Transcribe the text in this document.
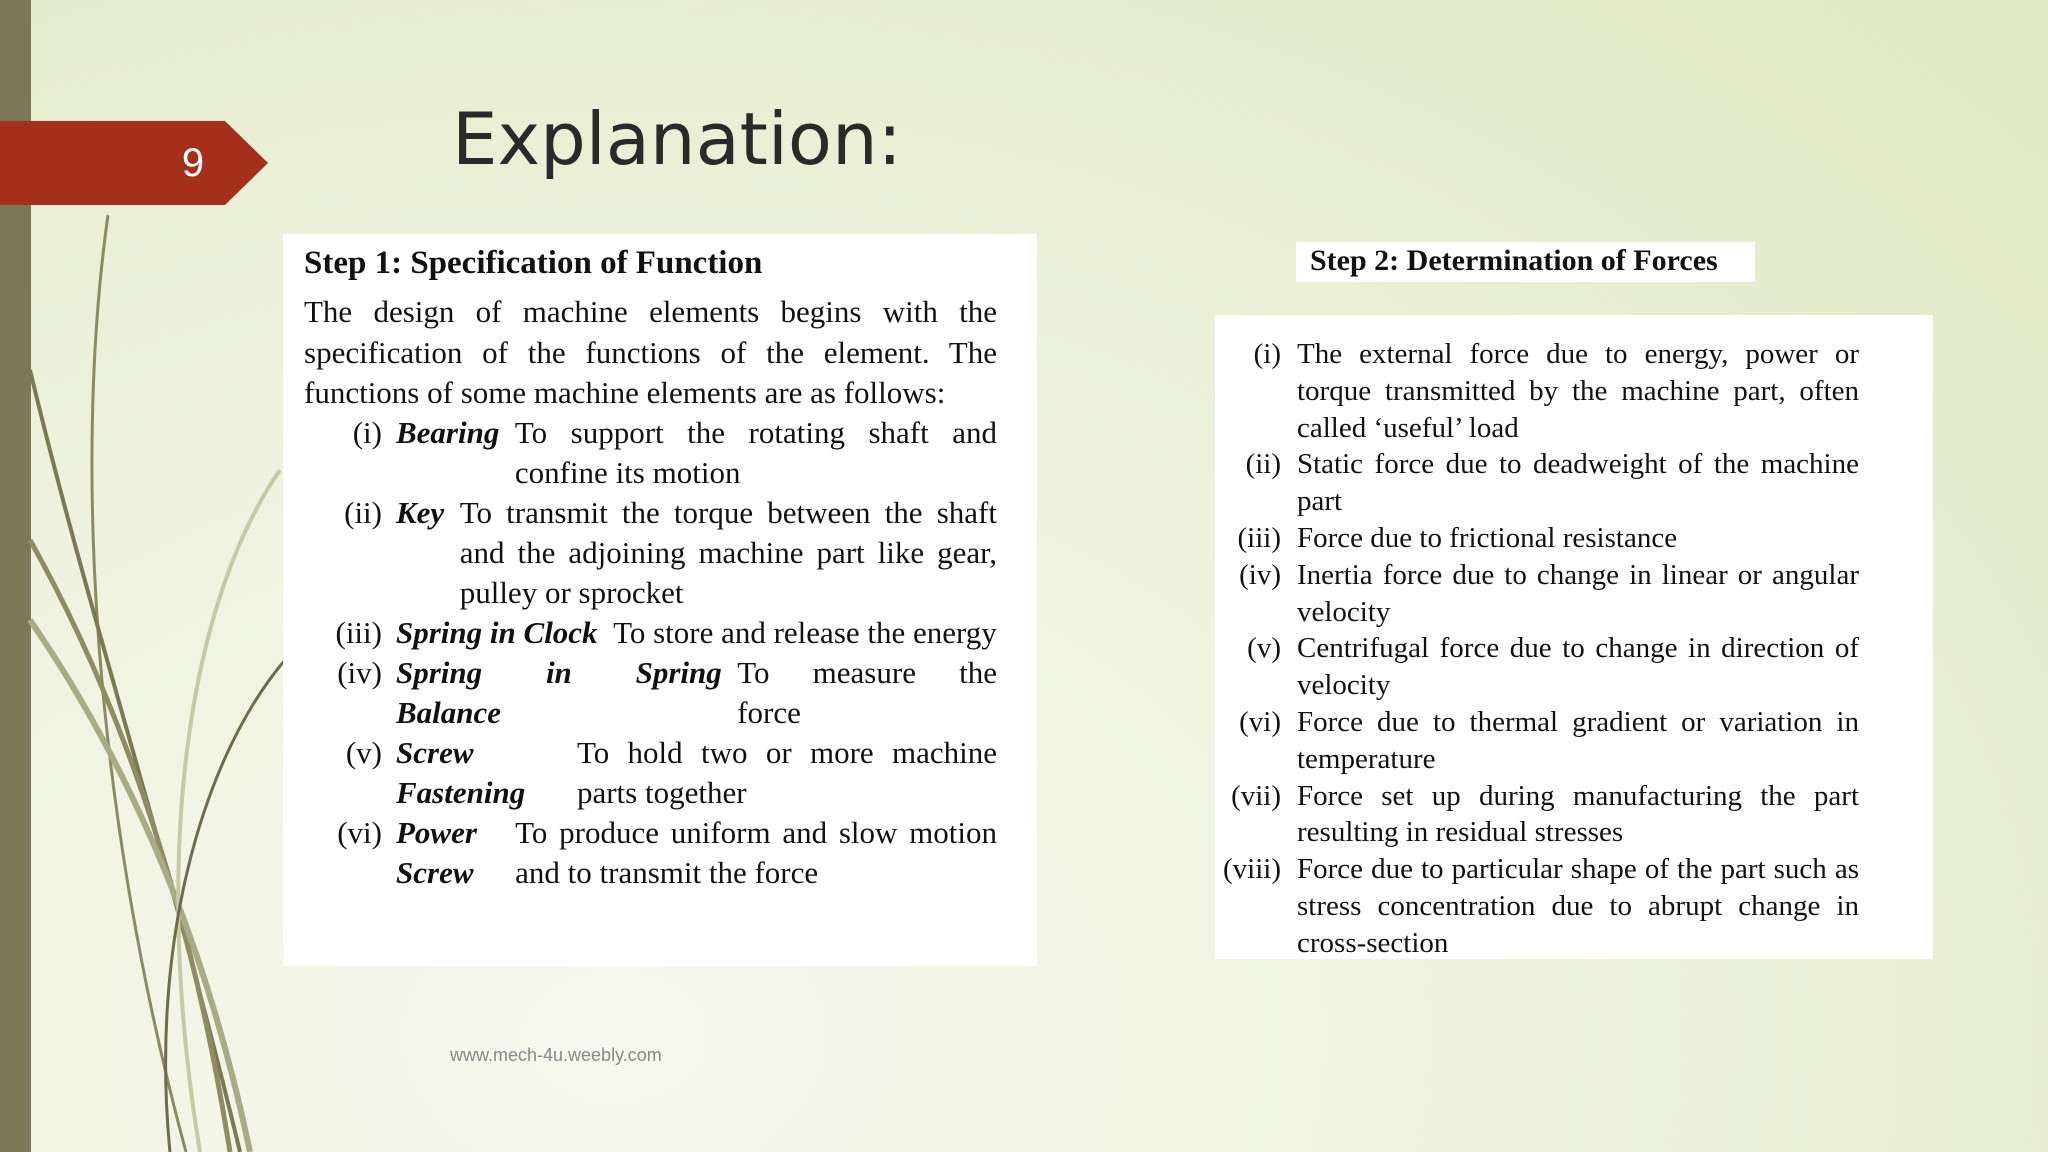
9	Explanation:

Step 1: Specification of Function

The design of machine elements begins with the specification of the functions of the element. The functions of some machine elements are as follows:

(i) Bearing
To support the rotating shaft and confine its motion
(ii) Key
To transmit the torque between the shaft and the adjoining machine part like gear, pulley or sprocket
(iii) Spring in Clock
To store and release the energy
(iv) Spring in Spring Balance

To measure the force
(v) Screw Fastening

To hold two or more machine parts together
(vi) Power Screw

To produce uniform and slow motion and to transmit the force

Step 2: Determination of Forces

(i) The external force due to energy, power or torque transmitted by the machine part, often called ‘useful’ load
(ii) Static force due to deadweight of the machine part
(iii) Force due to frictional resistance
(iv) Inertia force due to change in linear or angular velocity
(v) Centrifugal force due to change in direction of velocity
(vi) Force due to thermal gradient or variation in temperature
(vii) Force set up during manufacturing the part resulting in residual stresses
(viii) Force due to particular shape of the part such as stress concentration due to abrupt change in cross-section

www.mech-4u.weebly.com
